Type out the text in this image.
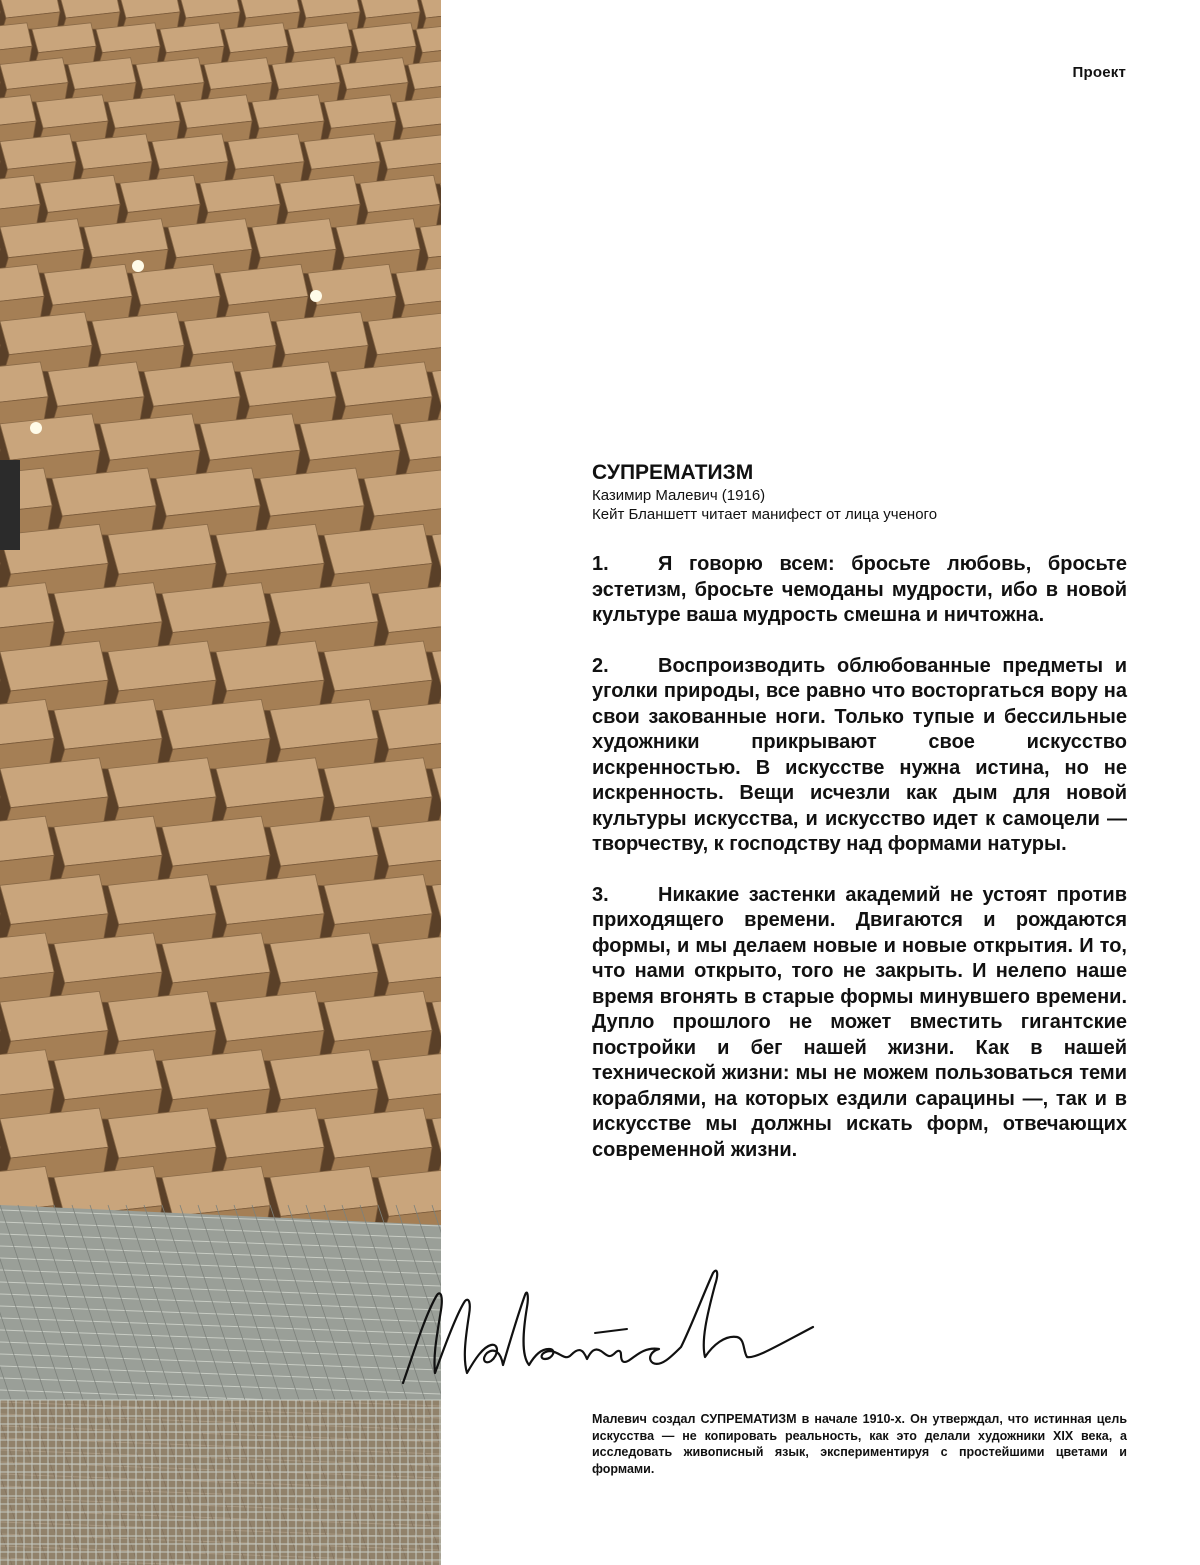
Проект
СУПРЕМАТИЗМ

Казимир Малевич (1916)

Кейт Бланшетт читает манифест от лица ученого

1. Я говорю всем: бросьте любовь, бросьте эстетизм, бросьте чемоданы мудрости, ибо в новой культуре ваша мудрость смешна и ничтожна.

2. Воспроизводить облюбованные предметы и уголки природы, все равно что восторгаться вору на свои закованные ноги. Только тупые и бессильные художники прикрывают свое искусство искренностью. В искусстве нужна истина, но не искренность. Вещи исчезли как дым для новой культуры искусства, и искусство идет к самоцели — творчеству, к господству над формами натуры.

3. Никакие застенки академий не устоят против приходящего времени. Двигаются и рождаются формы, и мы делаем новые и новые открытия. И то, что нами открыто, того не закрыть. И нелепо наше время вгонять в старые формы минувшего времени. Дупло прошлого не может вместить гигантские постройки и бег нашей жизни. Как в нашей технической жизни: мы не можем пользоваться теми кораблями, на которых ездили сарацины —, так и в искусстве мы должны искать форм, отвечающих современной жизни.

Малевич создал СУПРЕМАТИЗМ в начале 1910-х. Он утверждал, что истинная цель искусства — не копировать реальность, как это делали художники XIX века, а исследовать живописный язык, экспериментируя с простейшими цветами и формами.
